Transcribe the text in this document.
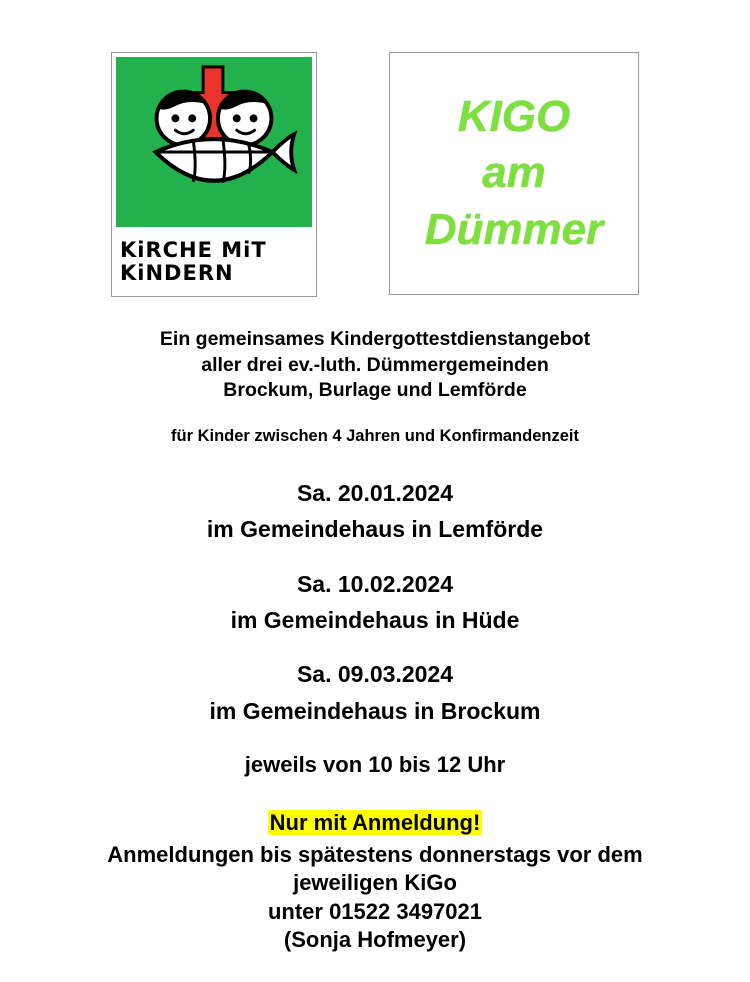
KiRCHE MiT
KiNDERN
KIGO
am
Dümmer
Ein gemeinsames Kindergottestdienstangebot
aller drei ev.-luth. Dümmergemeinden
Brockum, Burlage und Lemförde
für Kinder zwischen 4 Jahren und Konfirmandenzeit
Sa. 20.01.2024
im Gemeindehaus in Lemförde
Sa. 10.02.2024
im Gemeindehaus in Hüde
Sa. 09.03.2024
im Gemeindehaus in Brockum
jeweils von 10 bis 12 Uhr
Nur mit Anmeldung!
Anmeldungen bis spätestens donnerstags vor dem
jeweiligen KiGo
unter 01522 3497021
(Sonja Hofmeyer)
